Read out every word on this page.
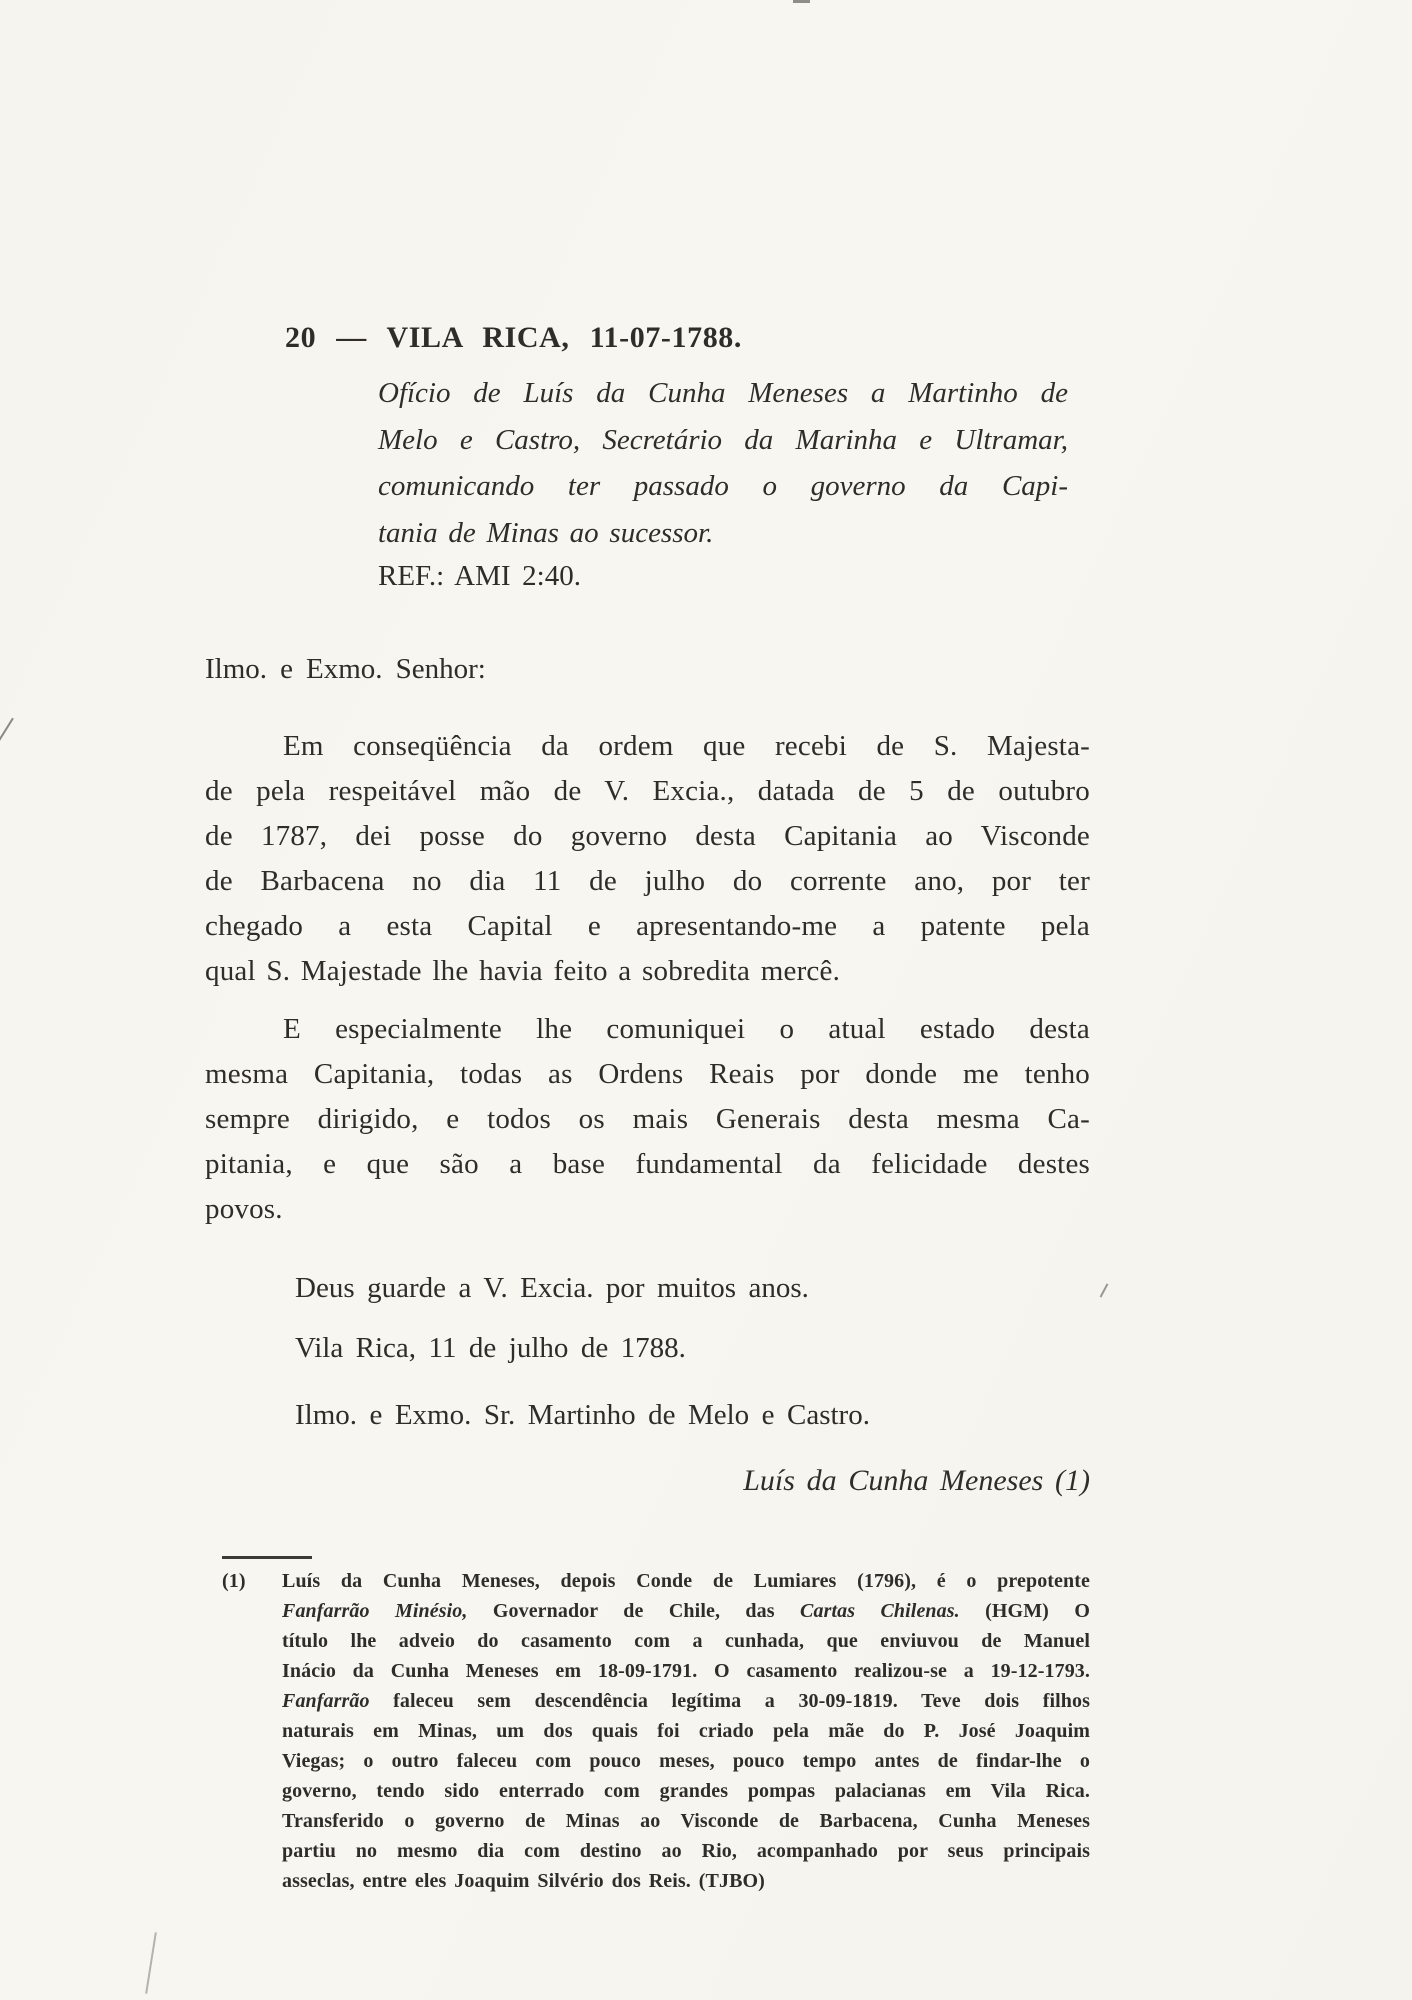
20 — VILA RICA, 11-07-1788.
Ofício de Luís da Cunha Meneses a Martinho de
Melo e Castro, Secretário da Marinha e Ultramar,
comunicando ter passado o governo da Capi-
tania de Minas ao sucessor.
REF.: AMI 2:40.
Ilmo. e Exmo. Senhor:
Em conseqüência da ordem que recebi de S. Majesta-
de pela respeitável mão de V. Excia., datada de 5 de outubro
de 1787, dei posse do governo desta Capitania ao Visconde
de Barbacena no dia 11 de julho do corrente ano, por ter
chegado a esta Capital e apresentando-me a patente pela
qual S. Majestade lhe havia feito a sobredita mercê.
E especialmente lhe comuniquei o atual estado desta
mesma Capitania, todas as Ordens Reais por donde me tenho
sempre dirigido, e todos os mais Generais desta mesma Ca-
pitania, e que são a base fundamental da felicidade destes
povos.
Deus guarde a V. Excia. por muitos anos.
Vila Rica, 11 de julho de 1788.
Ilmo. e Exmo. Sr. Martinho de Melo e Castro.
Luís da Cunha Meneses (1)
(1) Luís da Cunha Meneses, depois Conde de Lumiares (1796), é o prepotente
Fanfarrão Minésio, Governador de Chile, das Cartas Chilenas. (HGM) O
título lhe adveio do casamento com a cunhada, que enviuvou de Manuel
Inácio da Cunha Meneses em 18-09-1791. O casamento realizou-se a 19-12-1793.
Fanfarrão faleceu sem descendência legítima a 30-09-1819. Teve dois filhos
naturais em Minas, um dos quais foi criado pela mãe do P. José Joaquim
Viegas; o outro faleceu com pouco meses, pouco tempo antes de findar-lhe o
governo, tendo sido enterrado com grandes pompas palacianas em Vila Rica.
Transferido o governo de Minas ao Visconde de Barbacena, Cunha Meneses
partiu no mesmo dia com destino ao Rio, acompanhado por seus principais
asseclas, entre eles Joaquim Silvério dos Reis. (TJBO)
